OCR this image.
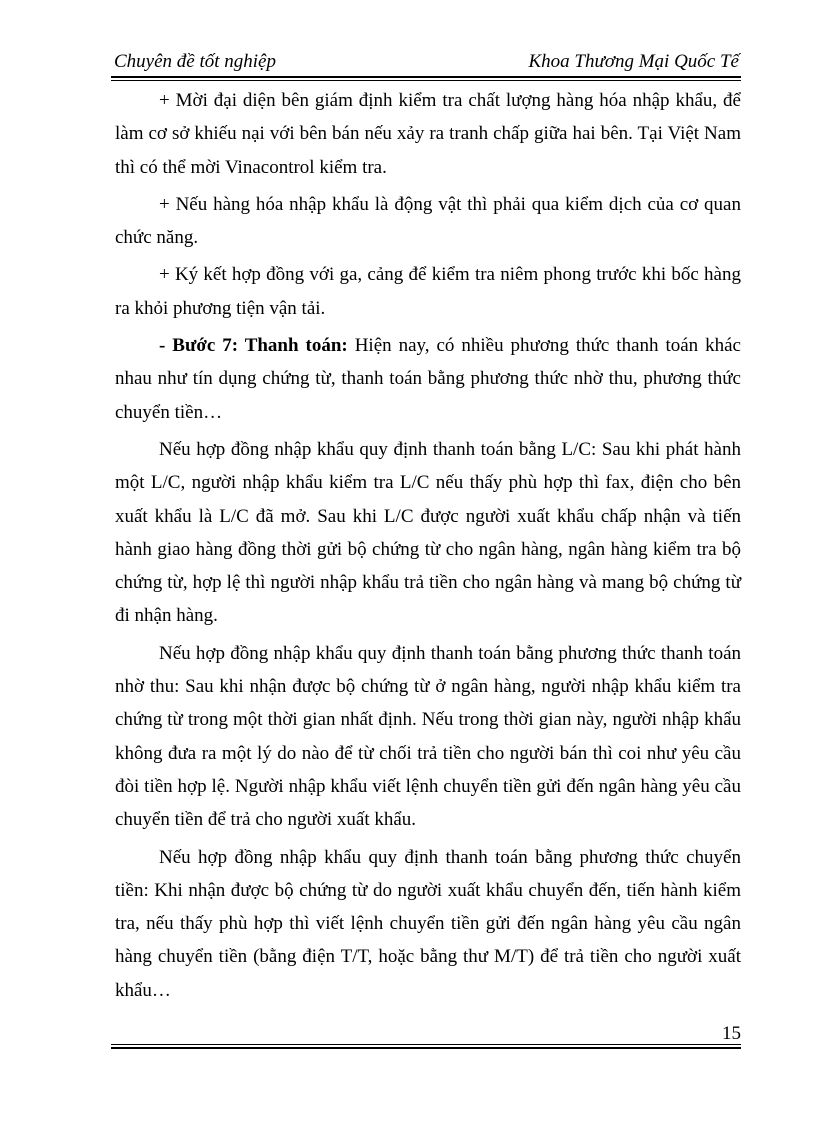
Chuyên đề tốt nghiệp	Khoa Thương Mại Quốc Tế

+ Mời đại diện bên giám định kiểm tra chất lượng hàng hóa nhập khẩu, để làm cơ sở khiếu nại với bên bán nếu xảy ra tranh chấp giữa hai bên. Tại Việt Nam thì có thể mời Vinacontrol kiểm tra.

+ Nếu hàng hóa nhập khẩu là động vật thì phải qua kiểm dịch của cơ quan chức năng.

+ Ký kết hợp đồng với ga, cảng để kiểm tra niêm phong trước khi bốc hàng ra khỏi phương tiện vận tải.

- Bước 7: Thanh toán: Hiện nay, có nhiều phương thức thanh toán khác nhau như tín dụng chứng từ, thanh toán bằng phương thức nhờ thu, phương thức chuyển tiền…

Nếu hợp đồng nhập khẩu quy định thanh toán bằng L/C: Sau khi phát hành một L/C, người nhập khẩu kiểm tra L/C nếu thấy phù hợp thì fax, điện cho bên xuất khẩu là L/C đã mở. Sau khi L/C được người xuất khẩu chấp nhận và tiến hành giao hàng đồng thời gửi bộ chứng từ cho ngân hàng, ngân hàng kiểm tra bộ chứng từ, hợp lệ thì người nhập khẩu trả tiền cho ngân hàng và mang bộ chứng từ đi nhận hàng.

Nếu hợp đồng nhập khẩu quy định thanh toán bằng phương thức thanh toán nhờ thu: Sau khi nhận được bộ chứng từ ở ngân hàng, người nhập khẩu kiểm tra chứng từ trong một thời gian nhất định. Nếu trong thời gian này, người nhập khẩu không đưa ra một lý do nào để từ chối trả tiền cho người bán thì coi như yêu cầu đòi tiền hợp lệ. Người nhập khẩu viết lệnh chuyển tiền gửi đến ngân hàng yêu cầu chuyển tiền để trả cho người xuất khẩu.

Nếu hợp đồng nhập khẩu quy định thanh toán bằng phương thức chuyển tiền: Khi nhận được bộ chứng từ do người xuất khẩu chuyển đến, tiến hành kiểm tra, nếu thấy phù hợp thì viết lệnh chuyển tiền gửi đến ngân hàng yêu cầu ngân hàng chuyển tiền (bằng điện T/T, hoặc bằng thư M/T) để trả tiền cho người xuất khẩu…

15
